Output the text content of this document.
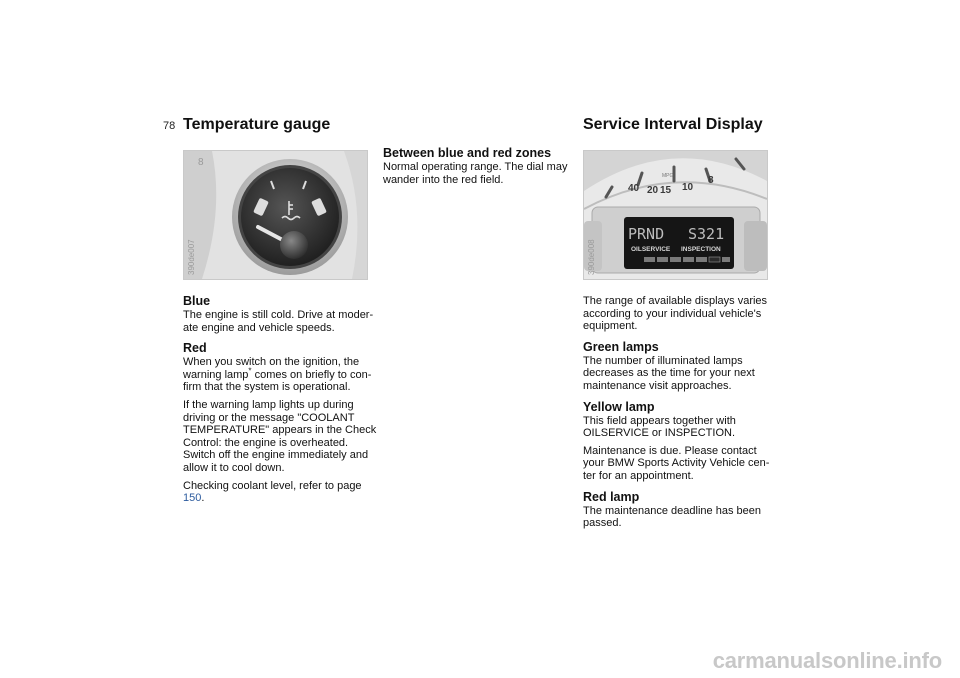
78 Temperature gauge
8
390de007
Blue

The engine is still cold. Drive at moder-ate engine and vehicle speeds.

Red

When you switch on the ignition, the warning lamp* comes on briefly to con-firm that the system is operational.

If the warning lamp lights up during driving or the message "COOLANT TEMPERATURE" appears in the Check Control: the engine is overheated. Switch off the engine immediately and allow it to cool down.

Checking coolant level, refer to page 150.

Between blue and red zones

Normal operating range. The dial may wander into the red field.

Service Interval Display
40 20 15 10
8
MPG
PRND S321
OILSERVICE INSPECTION
390de008

The range of available displays varies according to your individual vehicle's equipment.

Green lamps

The number of illuminated lamps decreases as the time for your next maintenance visit approaches.

Yellow lamp

This field appears together with OILSERVICE or INSPECTION.

Maintenance is due. Please contact your BMW Sports Activity Vehicle cen-ter for an appointment.

Red lamp

The maintenance deadline has been passed.

carmanualsonline.info
